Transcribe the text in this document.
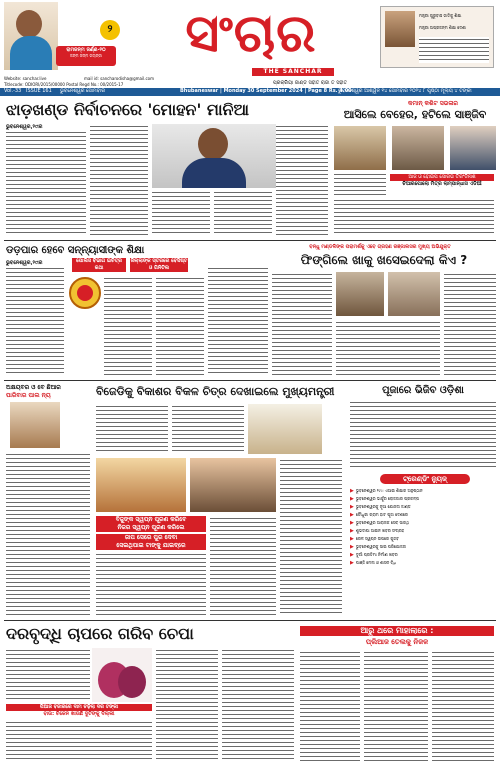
ରାମଜନ୍ମ ଜର୍ଣ୍ଣ-୨୦
ଜନ୍ମ ଜନ୍ମ ଜୟନ୍ତୀ
୨	ସଂଚାର
THE SANCHAR
ପ୍ରକ୍ରିୟା ଜାଣ୍ଡ ସହୀତ ରାଜା ତ ସହୀତ
ମନ୍ତ୍ରୀ ଗୁରୁବାସ ଜାତିକୁ ଶିକ୍ଷା
ମନ୍ତ୍ରୀ ଅପ୍ରଜନ୍ମ ଶିକ୍ଷା ଦେଶୀ
Website: sanchar.live	mail id: sancharodisha@gmail.com
Titlecode: ODIORI/2015/00000 Postal Regd No.: 00/2015-17
Vol.-33 ISSUE 161 ଭୁବନେଶ୍ୱର ସୋମବାର	Bhubaneswar | Monday 30 September 2024 | Page 8 Rs. 4.00
ଭୁବନେଶ୍ୱର ଆଶ୍ୱିନ ୧୪ ସୋମବାର ୨୦୨୪ ୮ ପୃଷ୍ଠା ମୂଲ୍ୟ ୪ ଟଙ୍କା
ଝାଡ଼ଖଣ୍ଡ ନିର୍ବାଚନରେ 'ମୋହନ' ମାନିଆ
ଭୁବନେଶ୍ୱର,୨୯ାର
କମାନ୍ କଶିଟ ସଭଳାର
ଆସିଲେ ବେହେର, ହଟିଲେ ସାଞ୍ଜିବ
ଆଜ ଓ ହୋଇପ ସୋରଭ ତିରଂଡିନାଶ
ଚିଆରପୋଲୋ ମିତ୍ର ଲାମ୍ପାନ୍ଧାସ ଏଡିଆଁ
ଡଡ଼ପାର ହେବେ ସନ୍ନ୍ୟାସୀଙ୍କ ଶିକ୍ଷା
ଭୁବନେଶ୍ୱର,୨୯ାର	ପୋଲିସ ବିଭାଗ ଇଚିତ୍ର କଥା
ଜିଲ୍ଲାଙ୍କ ସ୍ତରରେ ବେସିଷ୍ଟ ଓ ଗିନିଟିଲ
ବନ୍ଧୁ ମଣ୍ଡଳିଙ୍କ ପରାମର୍ଶକୁ ଏବେ ଗ୍ରହଣ ରଞ୍ଜାଲସର ମୁଖ୍ୟ ଅଭିଯୁକ୍ତ
ଫିଙ୍ଗିଲେ ଖାକୁ ଖସେଇଦେଲା କିଏ ?
ଅକ୍ଷୟବର ଓ ବେ ଛିଆର
ପାରିବାର ପାଲ ନ୍ୟ	ବିଜେଡିକୁ ବିକାଶର ବିକଳ ଚିତ୍ର ଦେଖାଇଲେ ମୁଖ୍ୟମନ୍ତ୍ରୀ
ବିଜୁଙ୍କ ସ୍ୱପ୍ନ ପୂରଣ କରିବେ
ନିଜର ସ୍ୱପ୍ନ ପୂରଣ କରିଲେ
ଜାପ ସେରେ ପୁର ଦେବା
ସେଇଥିପାଇ ଟାଙ୍କୁ ଯାଇବ୍ରେ
ପୂଜାରେ ଭିଜିବ ଓଡ଼ିଶା
ଟ୍ରେଣ୍ଡିଂ ନ୍ୟୁଜ୍
▶ ଭୁବନେଶ୍ୱର ୨୯ା। ଏଆଇ ଶିକ୍ଷାର ଅନୁଷ୍ଠାନ
▶ ଭୁବନେଶ୍ୱର ଭାର୍ଚ୍ଚୁର ରୋଜଗାର ପ୍ରକଳ୍ପ
▶ ଭୁବନେଶ୍ୱରକୁ ନୂଆ ଯୋଜନା ଜାଣ୍ଡ
▶ ଚୌଧୁରୀ ଗ୍ରାମ ହାଟ ପୂଜା ଦେଶରେ
▶ ଭୁବନେଶ୍ୱର ଆରାଜକ ସେବ ସାରଥି
▶ ଶୁଭଦୀପା ଆଇନ ଖବର ସଂଗ୍ରହ
▶ ରେଳ ସ୍ୱପ୍ନ ଉପରେ ଗୁଜବ
▶ ଭୁବନେଶ୍ୱରକୁ ସାଇ ପରିଯୋଜନା
▶ ଦୁର୍ଗା ପ୍ରତିମା ନିର୍ମାଣ ଖବର
▶ ପାଞ୍ଜି ମେଳା ଓ ଶାସନ ବିଧି
ଦରବୃଦ୍ଧି ଚାପରେ ଗରିବ ଚେପା	ଆରୁ ଥରେ ମାହାଲାରେ :
ପ୍ଲିଆଜ ତେଲକୁ ନିଜଳ
ପିଆଜ ବଜାରରେ ଦାମ ଚଢ଼ିଲା ଦର ଟଙ୍କା
ବାଉ: ଚିକେନ ଖାଉଛି ଦୁଟିଙ୍କୁ ଦିଲ୍ଲୀ
